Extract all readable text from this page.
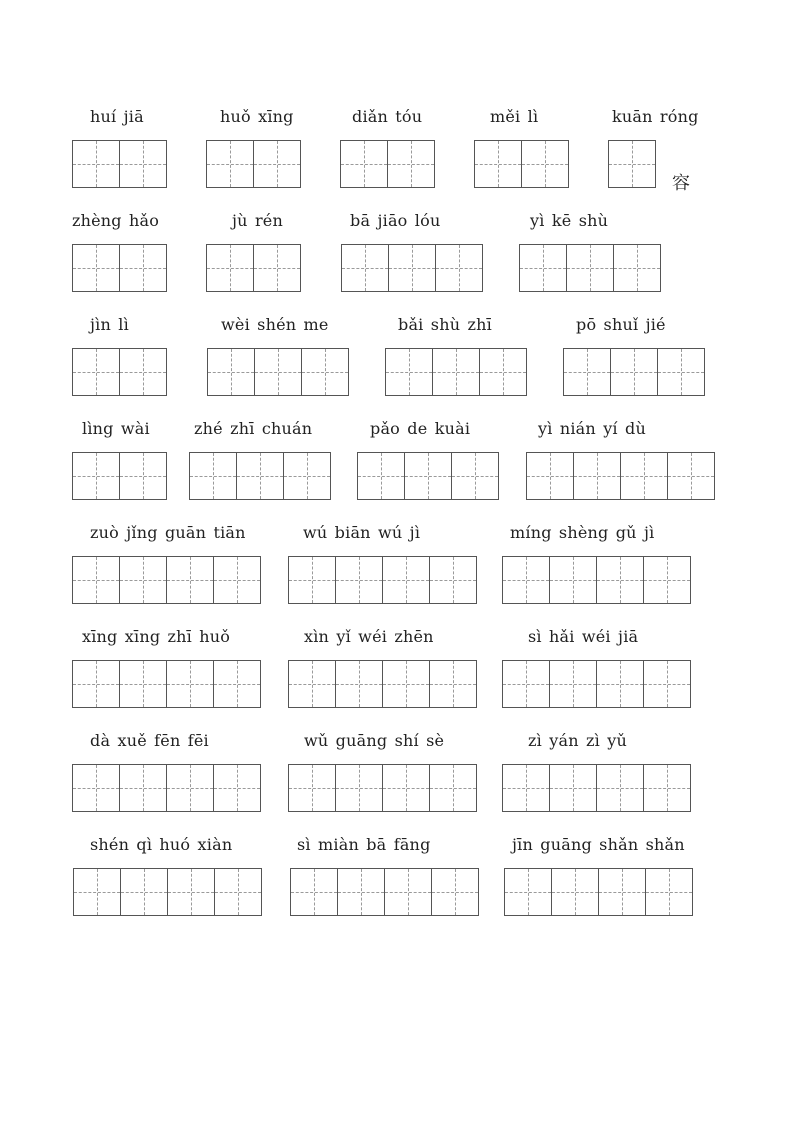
huí jiā	huǒ xīng	diǎn tóu	měi lì	kuān róng
容
zhèng hǎo	jù rén	bā jiāo lóu	yì kē shù
jìn lì	wèi shén me	bǎi shù zhī	pō shuǐ jié
lìng wài	zhé zhī chuán	pǎo de kuài	yì nián yí dù
zuò jǐng guān tiān	wú biān wú jì	míng shèng gǔ jì
xīng xīng zhī huǒ	xìn yǐ wéi zhēn	sì hǎi wéi jiā
dà xuě fēn fēi	wǔ guāng shí sè	zì yán zì yǔ
shén qì huó xiàn	sì miàn bā fāng	jīn guāng shǎn shǎn
